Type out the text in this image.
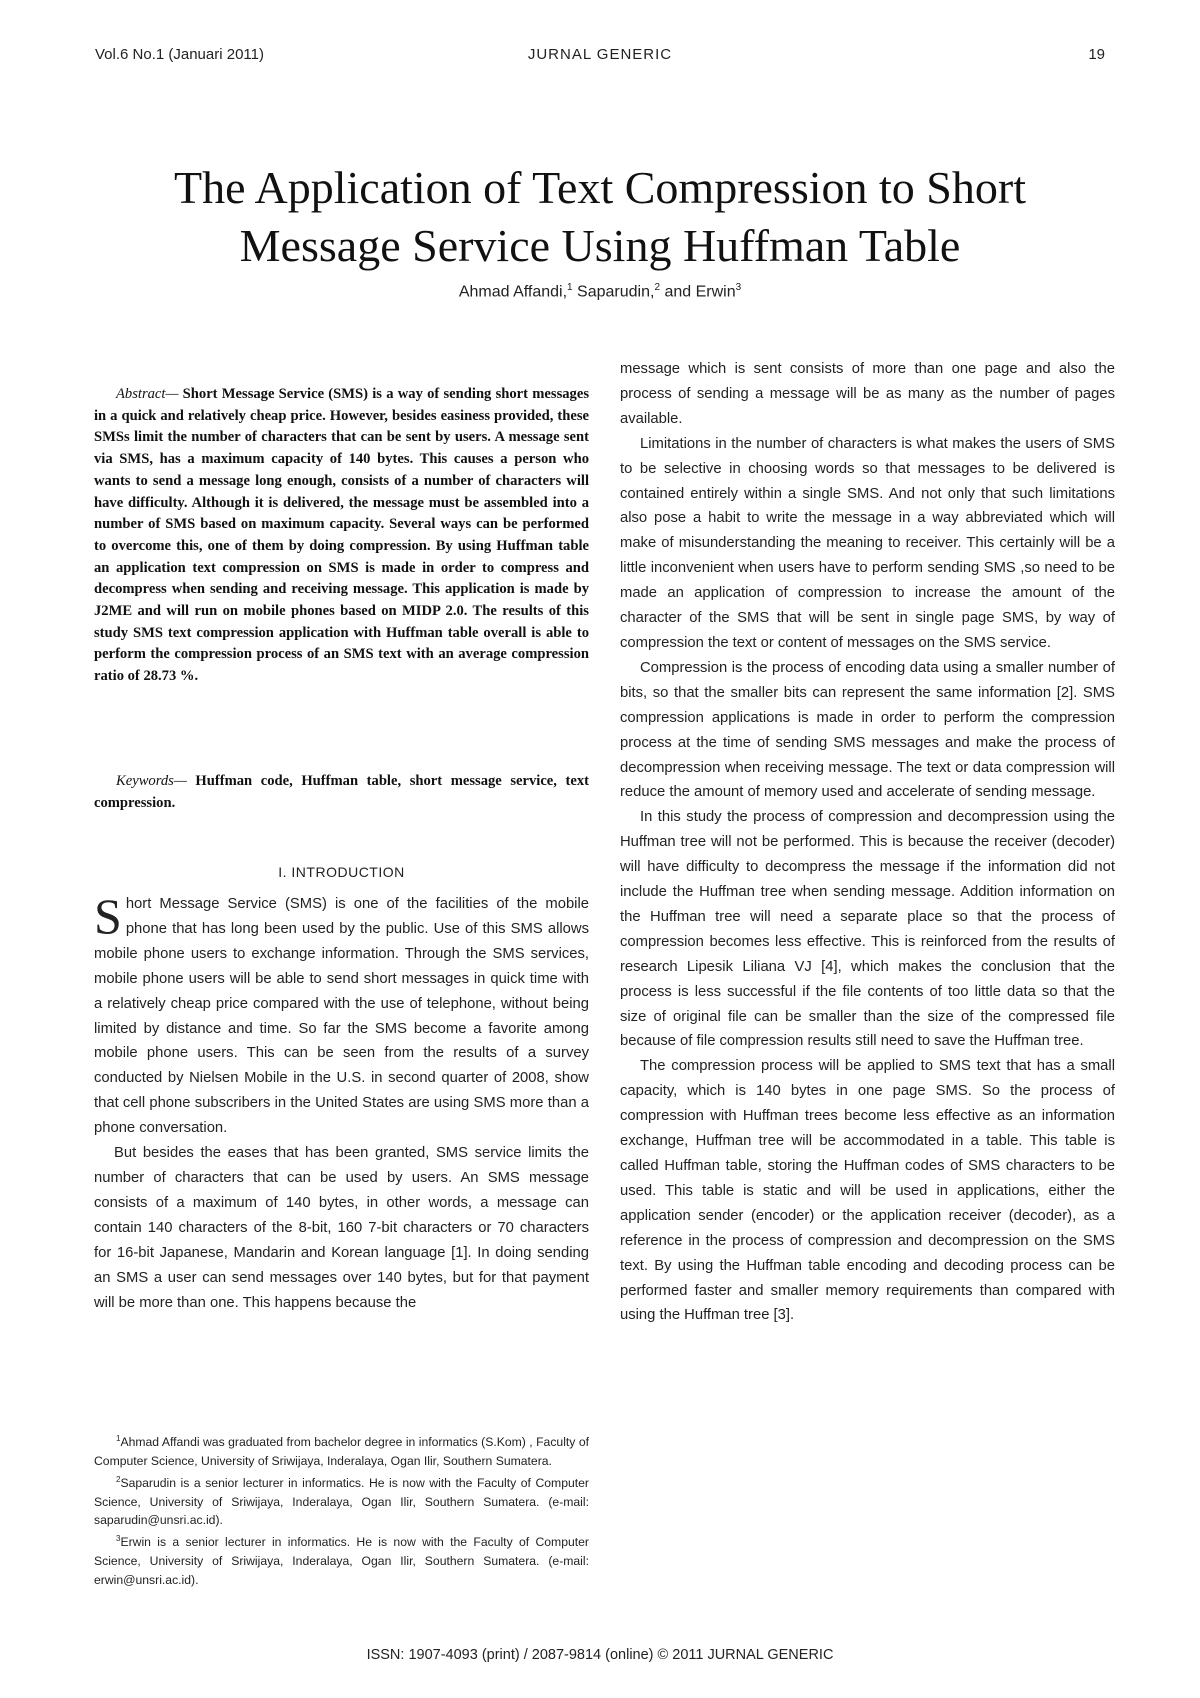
Vol.6 No.1 (Januari 2011)	JURNAL GENERIC	19
The Application of Text Compression to Short Message Service Using Huffman Table
Ahmad Affandi,$^1$ Saparudin,$^2$ and Erwin$^3$
Abstract— Short Message Service (SMS) is a way of sending short messages in a quick and relatively cheap price. However, besides easiness provided, these SMSs limit the number of characters that can be sent by users. A message sent via SMS, has a maximum capacity of 140 bytes. This causes a person who wants to send a message long enough, consists of a number of characters will have difficulty. Although it is delivered, the message must be assembled into a number of SMS based on maximum capacity. Several ways can be performed to overcome this, one of them by doing compression. By using Huffman table an application text compression on SMS is made in order to compress and decompress when sending and receiving message. This application is made by J2ME and will run on mobile phones based on MIDP 2.0. The results of this study SMS text compression application with Huffman table overall is able to perform the compression process of an SMS text with an average compression ratio of 28.73 %.
Keywords— Huffman code, Huffman table, short message service, text compression.
I. INTRODUCTION

Short Message Service (SMS) is one of the facilities of the mobile phone that has long been used by the public. Use of this SMS allows mobile phone users to exchange information. Through the SMS services, mobile phone users will be able to send short messages in quick time with a relatively cheap price compared with the use of telephone, without being limited by distance and time. So far the SMS become a favorite among mobile phone users. This can be seen from the results of a survey conducted by Nielsen Mobile in the U.S. in second quarter of 2008, show that cell phone subscribers in the United States are using SMS more than a phone conversation.

But besides the eases that has been granted, SMS service limits the number of characters that can be used by users. An SMS message consists of a maximum of 140 bytes, in other words, a message can contain 140 characters of the 8-bit, 160 7-bit characters or 70 characters for 16-bit Japanese, Mandarin and Korean language [1]. In doing sending an SMS a user can send messages over 140 bytes, but for that payment will be more than one. This happens because the

$^1$Ahmad Affandi was graduated from bachelor degree in informatics (S.Kom) , Faculty of Computer Science, University of Sriwijaya, Inderalaya, Ogan Ilir, Southern Sumatera.

$^2$Saparudin is a senior lecturer in informatics. He is now with the Faculty of Computer Science, University of Sriwijaya, Inderalaya, Ogan Ilir, Southern Sumatera. (e-mail: saparudin@unsri.ac.id).

$^3$Erwin is a senior lecturer in informatics. He is now with the Faculty of Computer Science, University of Sriwijaya, Inderalaya, Ogan Ilir, Southern Sumatera. (e-mail: erwin@unsri.ac.id).

message which is sent consists of more than one page and also the process of sending a message will be as many as the number of pages available.

Limitations in the number of characters is what makes the users of SMS to be selective in choosing words so that messages to be delivered is contained entirely within a single SMS. And not only that such limitations also pose a habit to write the message in a way abbreviated which will make of misunderstanding the meaning to receiver. This certainly will be a little inconvenient when users have to perform sending SMS ,so need to be made an application of compression to increase the amount of the character of the SMS that will be sent in single page SMS, by way of compression the text or content of messages on the SMS service.

Compression is the process of encoding data using a smaller number of bits, so that the smaller bits can represent the same information [2]. SMS compression applications is made in order to perform the compression process at the time of sending SMS messages and make the process of decompression when receiving message. The text or data compression will reduce the amount of memory used and accelerate of sending message.

In this study the process of compression and decompression using the Huffman tree will not be performed. This is because the receiver (decoder) will have difficulty to decompress the message if the information did not include the Huffman tree when sending message. Addition information on the Huffman tree will need a separate place so that the process of compression becomes less effective. This is reinforced from the results of research Lipesik Liliana VJ [4], which makes the conclusion that the process is less successful if the file contents of too little data so that the size of original file can be smaller than the size of the compressed file because of file compression results still need to save the Huffman tree.

The compression process will be applied to SMS text that has a small capacity, which is 140 bytes in one page SMS. So the process of compression with Huffman trees become less effective as an information exchange, Huffman tree will be accommodated in a table. This table is called Huffman table, storing the Huffman codes of SMS characters to be used. This table is static and will be used in applications, either the application sender (encoder) or the application receiver (decoder), as a reference in the process of compression and decompression on the SMS text. By using the Huffman table encoding and decoding process can be performed faster and smaller memory requirements than compared with using the Huffman tree [3].

ISSN: 1907-4093 (print) / 2087-9814 (online) © 2011 JURNAL GENERIC
